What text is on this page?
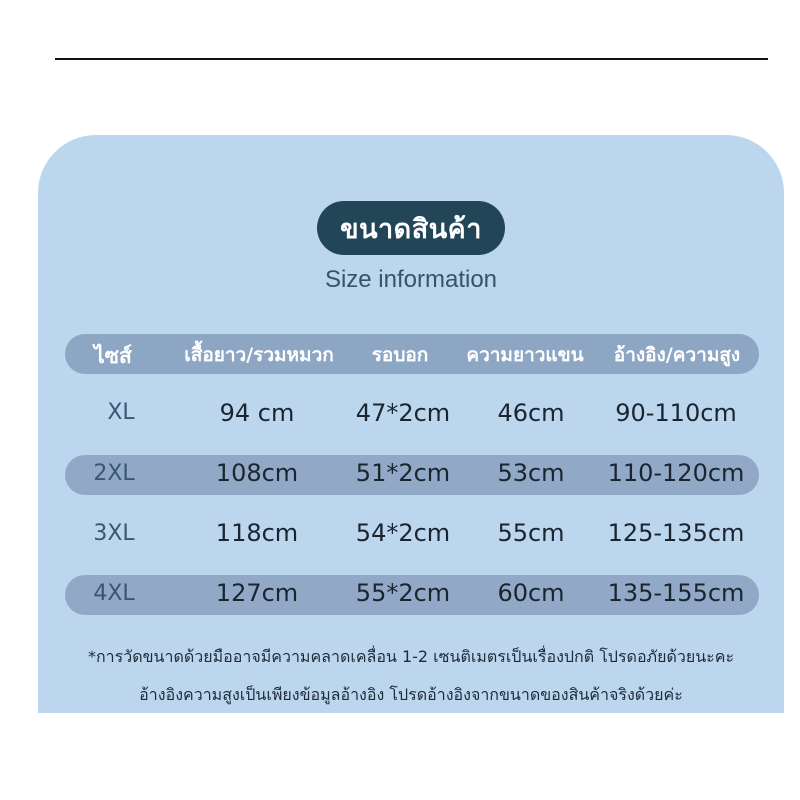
ขนาดสินค้า
Size information
ไซส์	เสื้อยาว/รวมหมวก รอบอก ความยาวแขน อ้างอิง/ความสูง
XL	94 cm	47*2cm 46cm 90-110cm
2XL	108cm 51*2cm 53cm 110-120cm
3XL	118cm 54*2cm 55cm 125-135cm
4XL	127cm 55*2cm 60cm 135-155cm
*การวัดขนาดด้วยมืออาจมีความคลาดเคลื่อน 1-2 เซนติเมตรเป็นเรื่องปกติ โปรดอภัยด้วยนะคะ
อ้างอิงความสูงเป็นเพียงข้อมูลอ้างอิง โปรดอ้างอิงจากขนาดของสินค้าจริงด้วยค่ะ
